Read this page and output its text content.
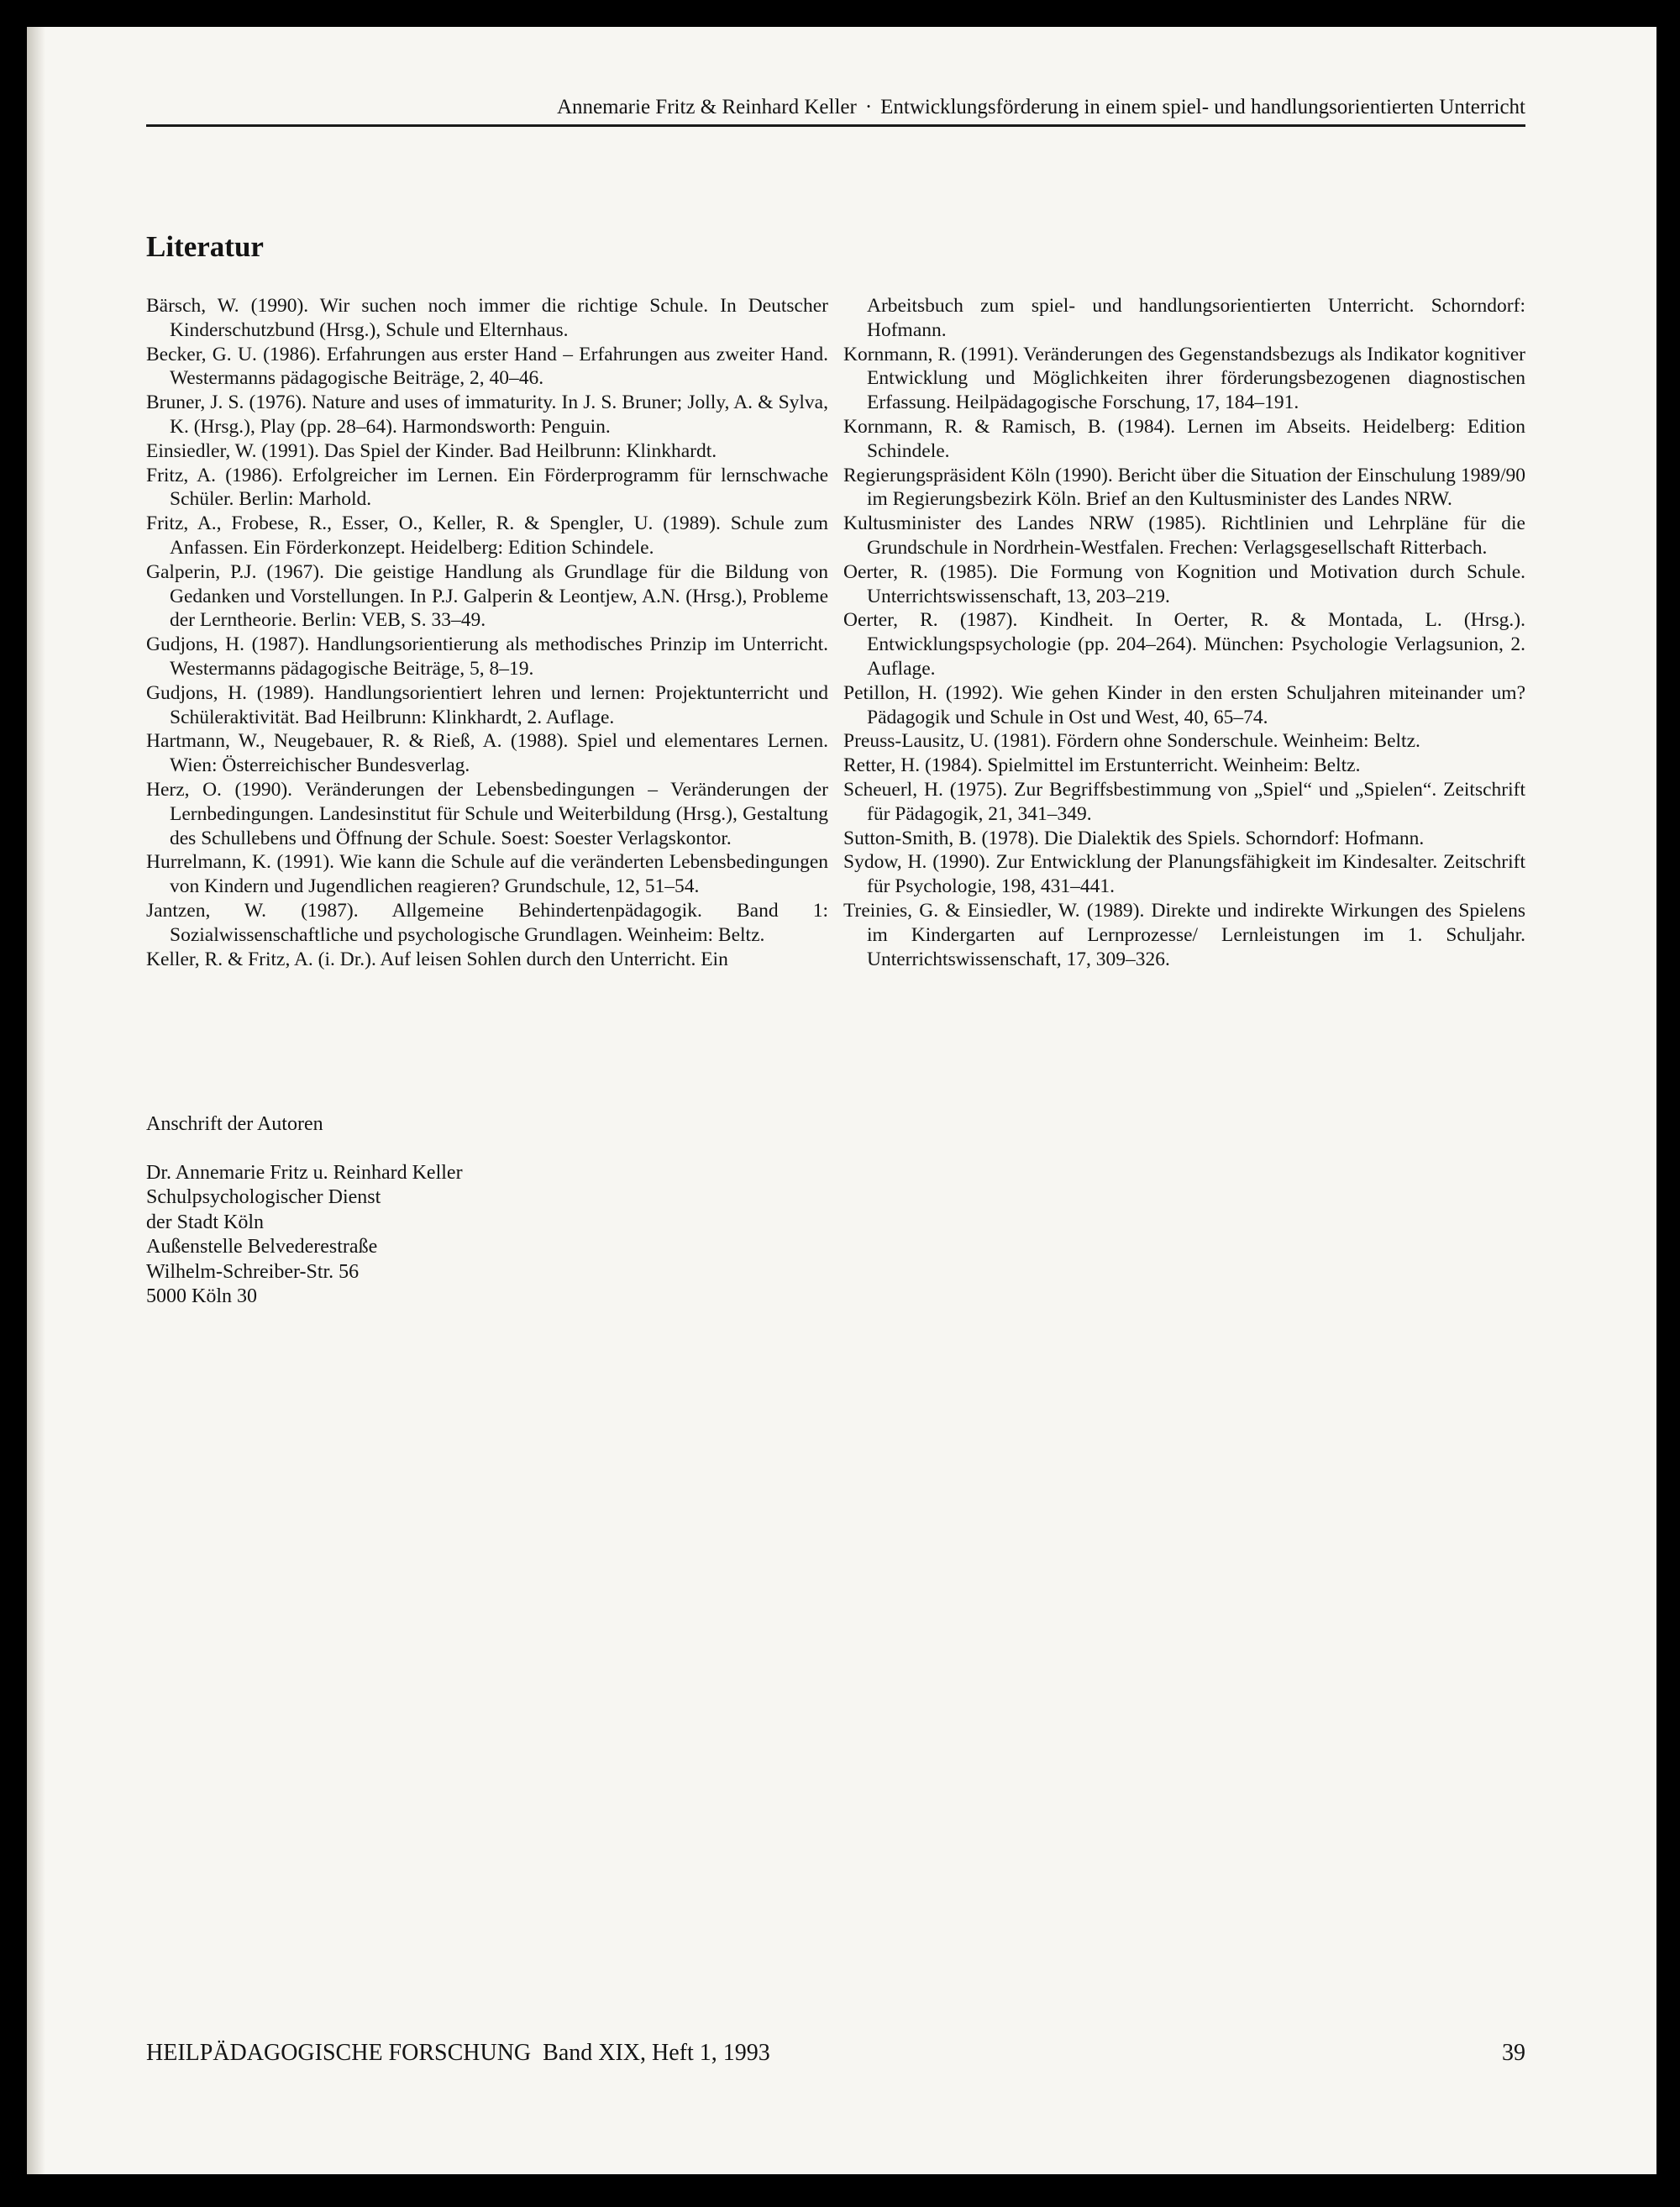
Annemarie Fritz & Reinhard Keller · Entwicklungsförderung in einem spiel- und handlungsorientierten Unterricht
Literatur
Bärsch, W. (1990). Wir suchen noch immer die richtige Schule. In Deutscher Kinderschutzbund (Hrsg.), Schule und Elternhaus.
Becker, G. U. (1986). Erfahrungen aus erster Hand – Erfahrungen aus zweiter Hand. Westermanns pädagogische Beiträge, 2, 40–46.
Bruner, J. S. (1976). Nature and uses of immaturity. In J. S. Bruner; Jolly, A. & Sylva, K. (Hrsg.), Play (pp. 28–64). Harmondsworth: Penguin.
Einsiedler, W. (1991). Das Spiel der Kinder. Bad Heilbrunn: Klinkhardt.
Fritz, A. (1986). Erfolgreicher im Lernen. Ein Förderprogramm für lernschwache Schüler. Berlin: Marhold.
Fritz, A., Frobese, R., Esser, O., Keller, R. & Spengler, U. (1989). Schule zum Anfassen. Ein Förderkonzept. Heidelberg: Edition Schindele.
Galperin, P.J. (1967). Die geistige Handlung als Grundlage für die Bildung von Gedanken und Vorstellungen. In P.J. Galperin & Leontjew, A.N. (Hrsg.), Probleme der Lerntheorie. Berlin: VEB, S. 33–49.
Gudjons, H. (1987). Handlungsorientierung als methodisches Prinzip im Unterricht. Westermanns pädagogische Beiträge, 5, 8–19.
Gudjons, H. (1989). Handlungsorientiert lehren und lernen: Projektunterricht und Schüleraktivität. Bad Heilbrunn: Klinkhardt, 2. Auflage.
Hartmann, W., Neugebauer, R. & Rieß, A. (1988). Spiel und elementares Lernen. Wien: Österreichischer Bundesverlag.
Herz, O. (1990). Veränderungen der Lebensbedingungen – Veränderungen der Lernbedingungen. Landesinstitut für Schule und Weiterbildung (Hrsg.), Gestaltung des Schullebens und Öffnung der Schule. Soest: Soester Verlagskontor.
Hurrelmann, K. (1991). Wie kann die Schule auf die veränderten Lebensbedingungen von Kindern und Jugendlichen reagieren? Grundschule, 12, 51–54.
Jantzen, W. (1987). Allgemeine Behindertenpädagogik. Band 1: Sozialwissenschaftliche und psychologische Grundlagen. Weinheim: Beltz.
Keller, R. & Fritz, A. (i. Dr.). Auf leisen Sohlen durch den Unterricht. Ein
Arbeitsbuch zum spiel- und handlungsorientierten Unterricht. Schorndorf: Hofmann.
Kornmann, R. (1991). Veränderungen des Gegenstandsbezugs als Indikator kognitiver Entwicklung und Möglichkeiten ihrer förderungsbezogenen diagnostischen Erfassung. Heilpädagogische Forschung, 17, 184–191.
Kornmann, R. & Ramisch, B. (1984). Lernen im Abseits. Heidelberg: Edition Schindele.
Regierungspräsident Köln (1990). Bericht über die Situation der Einschulung 1989/90 im Regierungsbezirk Köln. Brief an den Kultusminister des Landes NRW.
Kultusminister des Landes NRW (1985). Richtlinien und Lehrpläne für die Grundschule in Nordrhein-Westfalen. Frechen: Verlagsgesellschaft Ritterbach.
Oerter, R. (1985). Die Formung von Kognition und Motivation durch Schule. Unterrichtswissenschaft, 13, 203–219.
Oerter, R. (1987). Kindheit. In Oerter, R. & Montada, L. (Hrsg.). Entwicklungspsychologie (pp. 204–264). München: Psychologie Verlagsunion, 2. Auflage.
Petillon, H. (1992). Wie gehen Kinder in den ersten Schuljahren miteinander um? Pädagogik und Schule in Ost und West, 40, 65–74.
Preuss-Lausitz, U. (1981). Fördern ohne Sonderschule. Weinheim: Beltz.
Retter, H. (1984). Spielmittel im Erstunterricht. Weinheim: Beltz.
Scheuerl, H. (1975). Zur Begriffsbestimmung von „Spiel“ und „Spielen“. Zeitschrift für Pädagogik, 21, 341–349.
Sutton-Smith, B. (1978). Die Dialektik des Spiels. Schorndorf: Hofmann.
Sydow, H. (1990). Zur Entwicklung der Planungsfähigkeit im Kindesalter. Zeitschrift für Psychologie, 198, 431–441.
Treinies, G. & Einsiedler, W. (1989). Direkte und indirekte Wirkungen des Spielens im Kindergarten auf Lernprozesse/ Lernleistungen im 1. Schuljahr. Unterrichtswissenschaft, 17, 309–326.
Anschrift der Autoren
Dr. Annemarie Fritz u. Reinhard Keller
Schulpsychologischer Dienst
der Stadt Köln
Außenstelle Belvederestraße
Wilhelm-Schreiber-Str. 56
5000 Köln 30
HEILPÄDAGOGISCHE FORSCHUNG  Band XIX, Heft 1, 1993	39
